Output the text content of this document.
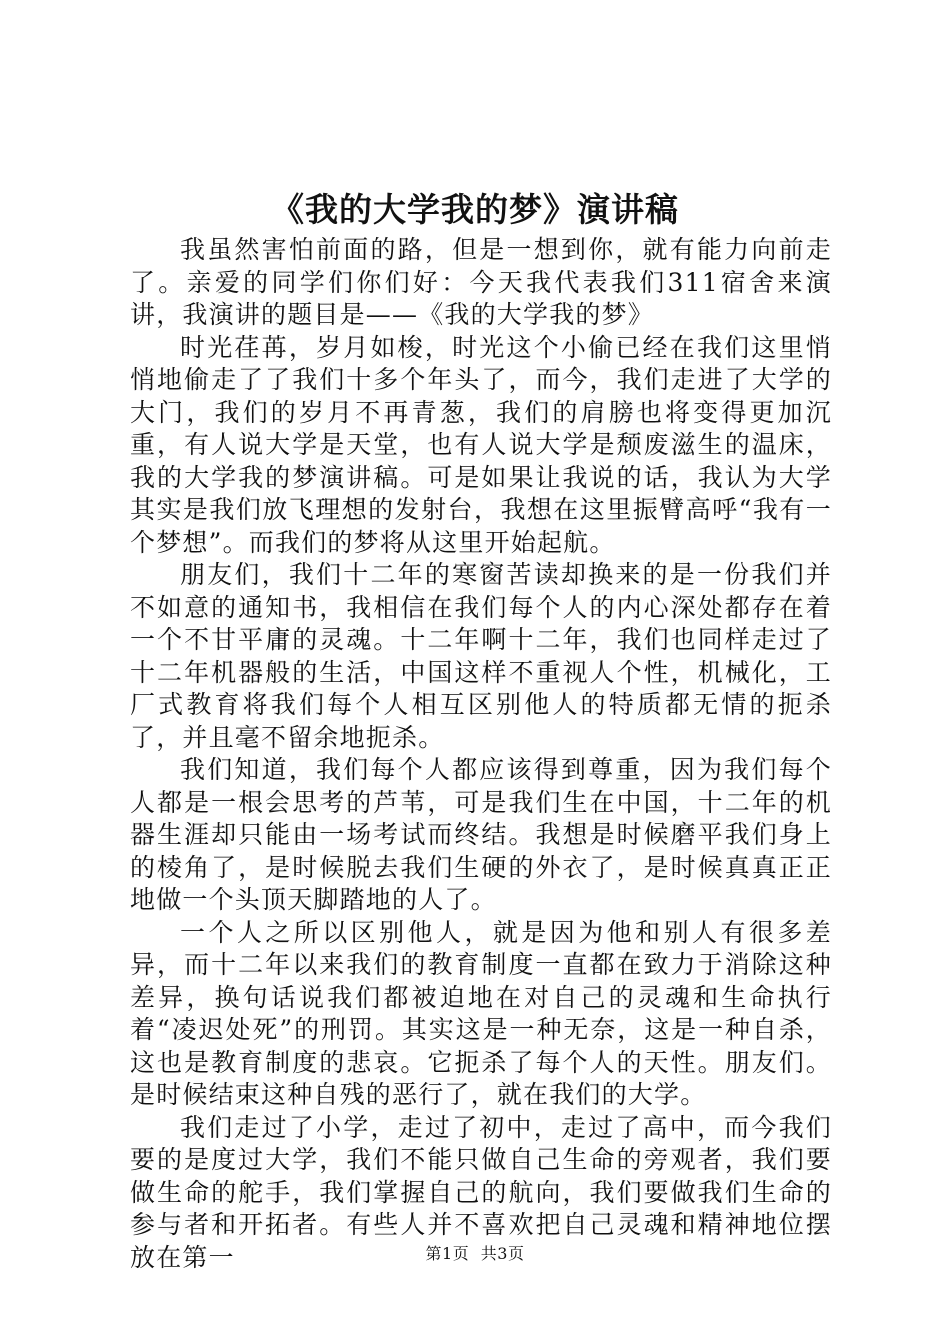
《我的大学我的梦》演讲稿

我虽然害怕前面的路，但是一想到你，就有能力向前走了。亲爱的同学们你们好：今天我代表我们311宿舍来演讲，我演讲的题目是——《我的大学我的梦》

时光荏苒，岁月如梭，时光这个小偷已经在我们这里悄悄地偷走了了我们十多个年头了，而今，我们走进了大学的大门，我们的岁月不再青葱，我们的肩膀也将变得更加沉重，有人说大学是天堂，也有人说大学是颓废滋生的温床，我的大学我的梦演讲稿。可是如果让我说的话，我认为大学其实是我们放飞理想的发射台，我想在这里振臂高呼“我有一个梦想”。而我们的梦将从这里开始起航。

朋友们，我们十二年的寒窗苦读却换来的是一份我们并不如意的通知书，我相信在我们每个人的内心深处都存在着一个不甘平庸的灵魂。十二年啊十二年，我们也同样走过了十二年机器般的生活，中国这样不重视人个性，机械化，工厂式教育将我们每个人相互区别他人的特质都无情的扼杀了，并且毫不留余地扼杀。

我们知道，我们每个人都应该得到尊重，因为我们每个人都是一根会思考的芦苇，可是我们生在中国，十二年的机器生涯却只能由一场考试而终结。我想是时候磨平我们身上的棱角了，是时候脱去我们生硬的外衣了，是时候真真正正地做一个头顶天脚踏地的人了。

一个人之所以区别他人，就是因为他和别人有很多差异，而十二年以来我们的教育制度一直都在致力于消除这种差异，换句话说我们都被迫地在对自己的灵魂和生命执行着“凌迟处死”的刑罚。其实这是一种无奈，这是一种自杀，这也是教育制度的悲哀。它扼杀了每个人的天性。朋友们。是时候结束这种自残的恶行了，就在我们的大学。

我们走过了小学，走过了初中，走过了高中，而今我们要的是度过大学，我们不能只做自己生命的旁观者，我们要做生命的舵手，我们掌握自己的航向，我们要做我们生命的参与者和开拓者。有些人并不喜欢把自己灵魂和精神地位摆放在第一	第1页 共3页
